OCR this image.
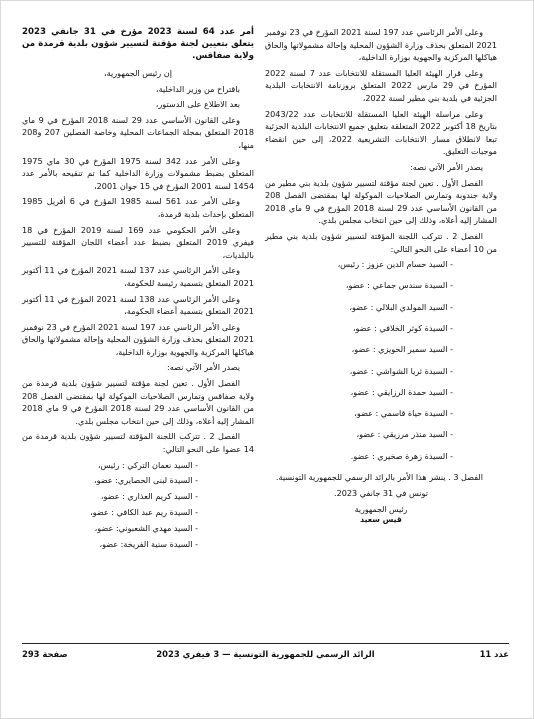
وعلى الأمر الرئاسي عدد 197 لسنة 2021 المؤرخ في 23 نوفمبر 2021 المتعلق بحذف وزارة الشؤون المحلية وإحالة مشمولاتها والحاق هياكلها المركزية والجهوية بوزارة الداخلية،

وعلى قرار الهيئة العليا المستقلة للانتخابات عدد 7 لسنة 2022 المؤرخ في 29 مارس 2022 المتعلق بروزنامة الانتخابات البلدية الجزئية في بلدية بني مطير لسنة 2022،

وعلى مراسلة الهيئة العليا المستقلة للانتخابات عدد 2043/22 بتاريخ 18 أكتوبر 2022 المتعلقة بتعليق جميع الانتخابات البلدية الجزئية تبعا لانطلاق مسار الانتخابات التشريعية 2022، إلى حين انقضاء موجبات التعليق.

يصدر الأمر الآتي نصه:

الفصل الأول . تعين لجنة مؤقتة لتسيير شؤون بلدية بني مطير من ولاية جندوبة وتمارس الصلاحيات الموكولة لها بمقتضى الفصل 208 من القانون الأساسي عدد 29 لسنة 2018 المؤرخ في 9 ماي 2018 المشار إليه أعلاه، وذلك إلى حين انتخاب مجلس بلدي.

الفصل 2 . تتركب اللجنة المؤقتة لتسيير شؤون بلدية بني مطير من 10 أعضاء على النحو التالي:

- السيد حسام الدين عزوز : رئيس،
- السيدة سندس جماعي : عضو،
- السيد المولدي البلالي : عضو،
- السيدة كوثر الخلافي : عضو،
- السيد سمير الحويزي : عضو،
- السيدة ثريا الشواشي : عضو،
- السيد حمدة الرزايقي : عضو،
- السيدة حياة قاسمي : عضو،
- السيد منذر مرزيقي : عضو،
- السيدة زهرة صخيري : عضو.

الفصل 3 . ينشر هذا الأمر بالرائد الرسمي للجمهورية التونسية.

تونس في 31 جانفي 2023.

رئيس الجمهورية
قيس سعيد

أمر عدد 64 لسنة 2023 مؤرخ في 31 جانفي 2023 يتعلق بتعيين لجنة مؤقتة لتسيير شؤون بلدية قرمدة من ولاية صفاقس.

إن رئيس الجمهورية،

باقتراح من وزير الداخلية،

بعد الاطلاع على الدستور،

وعلى القانون الأساسي عدد 29 لسنة 2018 المؤرخ في 9 ماي 2018 المتعلق بمجلة الجماعات المحلية وخاصة الفصلين 207 و208 منها،

وعلى الأمر عدد 342 لسنة 1975 المؤرخ في 30 ماي 1975 المتعلق بضبط مشمولات وزارة الداخلية كما تم تنقيحه بالأمر عدد 1454 لسنة 2001 المؤرخ في 15 جوان 2001،

وعلى الأمر عدد 561 لسنة 1985 المؤرخ في 6 أفريل 1985 المتعلق بإحداث بلدية قرمدة،

وعلى الأمر الحكومي عدد 169 لسنة 2019 المؤرخ في 18 فيفري 2019 المتعلق بضبط عدد أعضاء اللجان المؤقتة للتسيير بالبلديات،

وعلى الأمر الرئاسي عدد 137 لسنة 2021 المؤرخ في 11 أكتوبر 2021 المتعلق بتسمية رئيسة للحكومة،

وعلى الأمر الرئاسي عدد 138 لسنة 2021 المؤرخ في 11 أكتوبر 2021 المتعلق بتسمية أعضاء الحكومة،

وعلى الأمر الرئاسي عدد 197 لسنة 2021 المؤرخ في 23 نوفمبر 2021 المتعلق بحذف وزارة الشؤون المحلية وإحالة مشمولاتها والحاق هياكلها المركزية والجهوية بوزارة الداخلية،

يصدر الأمر الآتي نصه:

الفصل الأول . تعين لجنة مؤقتة لتسيير شؤون بلدية قرمدة من ولاية صفاقس وتمارس الصلاحيات الموكولة لها بمقتضى الفصل 208 من القانون الأساسي عدد 29 لسنة 2018 المؤرخ في 9 ماي 2018 المشار إليه أعلاه، وذلك إلى حين انتخاب مجلس بلدي.

الفصل 2 . تتركب اللجنة المؤقتة لتسيير شؤون بلدية قرمدة من 14 عضوا على النحو التالي:

- السيد نعمان التركي : رئيس،
- السيدة لبنى الحصايري: عضو،
- السيد كريم العذاري : عضو،
- السيدة ريم عبد الكافي : عضو،
- السيد مهدي الشعبوني: عضو،
- السيدة سنية الفريخة: عضو،
عدد 11
الرائد الرسمي للجمهورية التونسية — 3 فيفري 2023
صفحة 293
